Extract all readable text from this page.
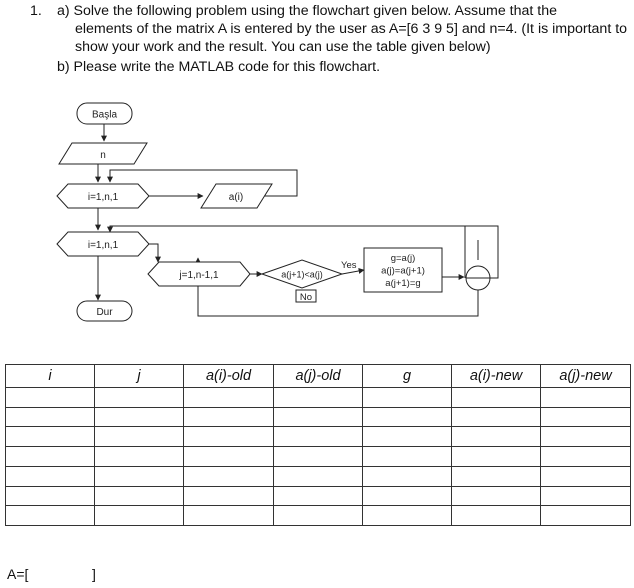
1. a) Solve the following problem using the flowchart given below. Assume that the
elements of the matrix A is entered by the user as A=[6 3 9 5] and n=4. (It is important to
show your work and the result. You can use the table given below)
b) Please write the MATLAB code for this flowchart.
Başla
n
i=1,n,1	a(i)
i=1,n,1
j=1,n-1,1	a(j+1)<a(j)
Yes
No
g=a(j)
a(j)=a(j+1)
a(j+1)=g
Dur
i	j	a(i)-old	a(j)-old	g	a(i)-new	a(j)-new

A=[	]
